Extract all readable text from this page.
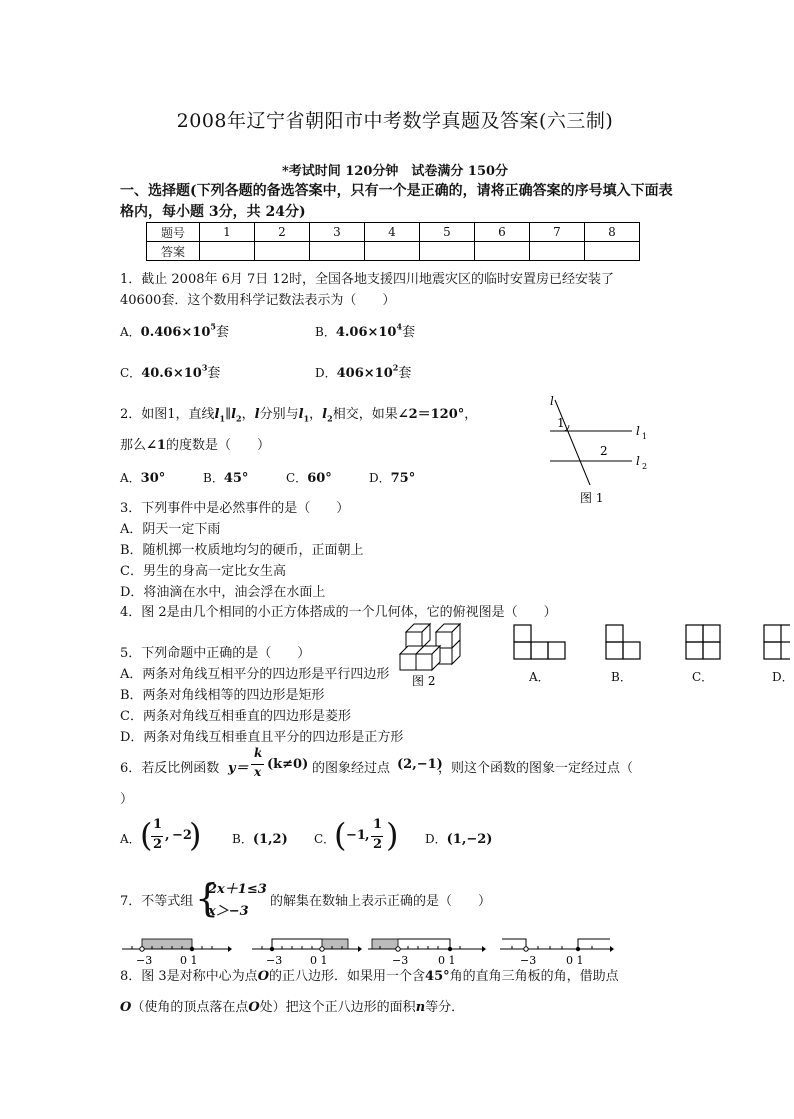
2008年辽宁省朝阳市中考数学真题及答案(六三制)
*考试时间 120分钟　试卷满分 150分
一、选择题(下列各题的备选答案中，只有一个是正确的，请将正确答案的序号填入下面表格内，每小题 3分，共 24分)
题号	1	2	3	4	5	6	7	8
答案								
1．截止 2008年 6月 7日 12时，全国各地支援四川地震灾区的临时安置房已经安装了
40600套．这个数用科学记数法表示为（　　）
A．$0.406\times 10^5$套	B．$4.06\times 10^4$套
C．$40.6\times 10^3$套	D．$406\times 10^2$套
2．如图1，直线$l_1\parallel l_2$，l分别与$l_1$，$l_2$相交，如果∠2＝120°，
那么∠1的度数是（　　）
A．30°	B．45°	C．60°	D．75°
l
1
2
l 1
l 2
图 1
3．下列事件中是必然事件的是（　　）
A．阴天一定下雨
B．随机掷一枚质地均匀的硬币，正面朝上
C．男生的身高一定比女生高
D．将油滴在水中，油会浮在水面上
4．图 2是由几个相同的小正方体搭成的一个几何体，它的俯视图是（　　）
图 2	A．	B．	C．	D．
5．下列命题中正确的是（　　）
A．两条对角线互相平分的四边形是平行四边形
B．两条对角线相等的四边形是矩形
C．两条对角线互相垂直的四边形是菱形
D．两条对角线互相垂直且平分的四边形是正方形
6．若反比例函数 y＝
k
x (k≠0) 的图象经过点 (2,−1)
，则这个函数的图象一定经过点（
）
A． ( 1
2
, −2
)	B．(1,2) C．
( −1 ,
1
2 ) D．(1,−2)
7．不等式组 {
2x＋1≤3
x＞−3
的解集在数轴上表示正确的是（　　）
−3	0 1	−3	0 1	−3	0 1	−3	0 1
8．图 3是对称中心为点O的正八边形．如果用一个含45°角的直角三角板的角，借助点
O（使角的顶点落在点O处）把这个正八边形的面积n等分．
